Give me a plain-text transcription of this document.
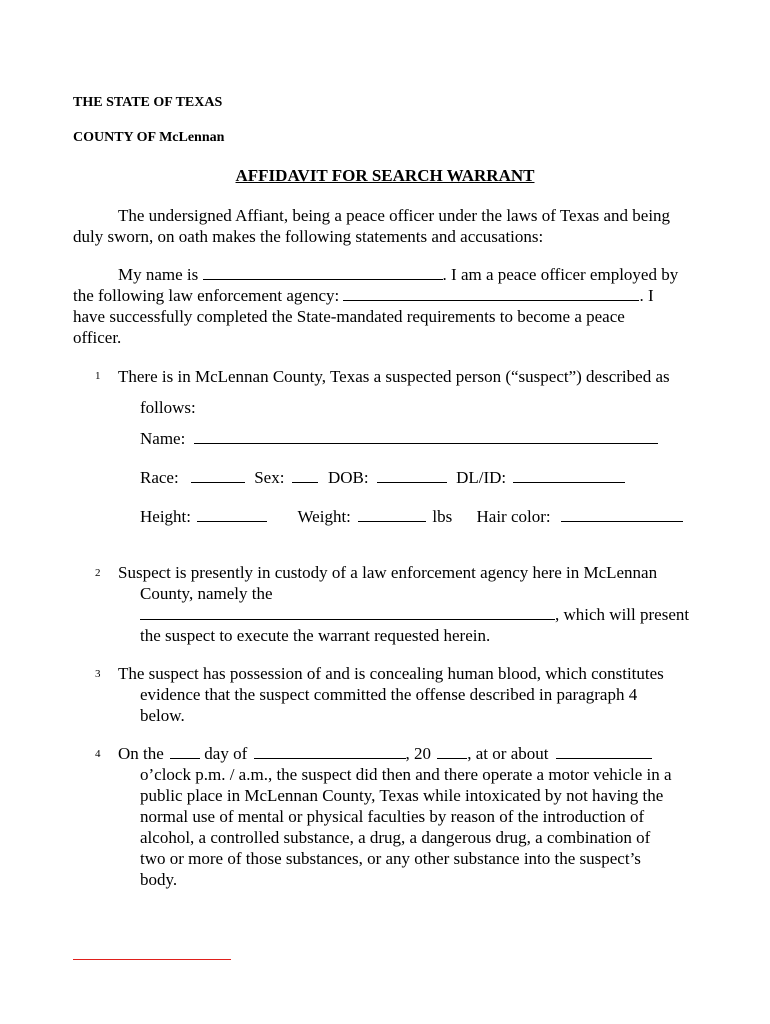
THE STATE OF TEXAS
COUNTY OF McLennan
AFFIDAVIT FOR SEARCH WARRANT
The undersigned Affiant, being a peace officer under the laws of Texas and being
duly sworn, on oath makes the following statements and accusations:
My name is	. I am a peace officer employed by
the following law enforcement agency:	. I
have successfully completed the State-mandated requirements to become a peace
officer.
1 There is in McLennan County, Texas a suspected person (“suspect”) described as
follows:
Name:
Race:	Sex:	DOB:	DL/ID:
Height:	Weight:	lbs Hair color:
2 Suspect is presently in custody of a law enforcement agency here in McLennan
County, namely the
, which will present
the suspect to execute the warrant requested herein.
3 The suspect has possession of and is concealing human blood, which constitutes
evidence that the suspect committed the offense described in paragraph 4
below.
4 On the day of	, 20 , at or about
o’clock p.m. / a.m., the suspect did then and there operate a motor vehicle in a
public place in McLennan County, Texas while intoxicated by not having the
normal use of mental or physical faculties by reason of the introduction of
alcohol, a controlled substance, a drug, a dangerous drug, a combination of
two or more of those substances, or any other substance into the suspect’s
body.
